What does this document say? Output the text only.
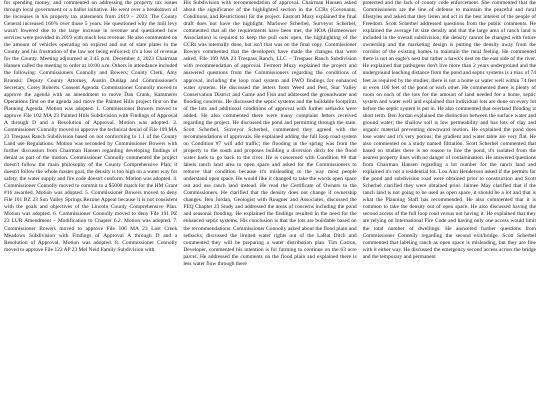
for spending money, and commented on addressing the property tax issues through local government or a ballot initiative. He went over a breakdown of the increases in his property tax statements from 2019 – 2023. The County General increased 166% over those 5 years. He questioned why the mill levy wasn't lowered due to the large increase in revenue and questioned how services were provided in 2019 with much less revenue. He also commented on the amount of vehicles operating on expired and out of state plates in the County and his frustration of the law not being enforced; it's a loss of revenue for the County. Meeting adjourned at 3:45 p.m. December 4, 2023 Chairman Hansen called the meeting to order at 10:00 a.m. Others in attendance included the following: Commissioners Connolly and Bowers; County Clerk, Amy Brunski; Deputy County Attorney, Austin Dunlap and Commissioner's Secretary, Corey Roberts. Consent Agenda: Commissioner Connolly moved to approve the agenda with an amendment to move Dan Crank, Kammerer Operations first on the agenda and move the Painted Hills project first on the Planning Agenda. Motion was adopted. 1. Commissioner Bowers moved to approve File 102 MA 23 Painted Hills Subdivision with Findings of Approval A through D and a Resolution of Approval. Motion was adopted. 2. Commissioner Connolly moved to approve the technical denial of File 109 MA 23 Trespass Ranch Subdivision based on not conforming to 1.1 of the County Land use Regulations. Motion was seconded by Commissioner Bowers with further discussion from Chairman Hansen regarding developing findings of denial as part of the motion. Commissioner Connolly commented the project doesn't follow the main philosophy of the County Comprehensive Plan; it doesn't follow the whole master goal, the density is too high on a water way for safety, the water supply and fire code doesn't conform. Motion was adopted. 4. Commissioner Connolly moved to commit to a $5000 match for the HM Grant #16 awarded. Motion was adopted. 5. Commissioner Bowers moved to deny File 101 BZ 23 Sun Valley Springs Rezone Appeal because it is not consistent with the goals and objectives of the Lincoln County Comprehensive Plan. Motion was adopted. 6. Commissioner Connolly moved to deny File 191 PZ 23 LUR Amendment – Modification to Chapter 6.2. Motion was adopted. 7. Commissioner Bowers moved to approve File 106 MA 23 Lost Creek Meadows Subdivision with Findings of Approval A through D and a Resolution of Approval. Motion was adopted. 8. Commissioner Connolly moved to approve File 122 AP 23 Mel Neid Family Subdivision with

His Subdivision with recommendation of approval. Chairman Hansen asked about the significance of the highlighted section in the CCRs (Covenants, Conditions, and Restrictions) for the project. Eastcott Muzy explained the final draft does not have the highlight. Marlowe Scherbel, Surveyor Scherbel, commented that all the requirements have been met, the HOA (Homeowner Association) is required to keep the pull outs open, the highlighting of the CCRs was internally done, but isn't that was on the final copy. Commissioner Bowers commented that the developers have made the changes that were asked. File 109 MA 23 Trespass Ranch, LLC – Trespass Ranch Subdivision with recommendation of approval. Fermort Muzy explained the project and answered questions from the Commissioners regarding the conditions of approval, including the loop road system and FWO findings for enhanced water systems. He discussed the letters from Weed and Pest, Star Valley Conservation District and Game and Fish and addressed the groundwater and flooding concerns. He discussed the septic systems and the buildable footprints of the lots and additional conditions of approval with further setbacks were added. He also commented there were many complaint letters received regarding the project. He discussed the pond and permitting through the state. Scott Scherbel, Surveyor Scherbel, commented they agreed with the recommendations of approvals. He explained adding the full loop road system on Condition #7 will add traffic; the flooding in the spring was from the property to the south and proposes building a diversion ditch for the flood water back to go back to the river. He is concerned with Condition #8 that labels ranch land area to open space and asked for the Commissioners to remove that condition because it's misleading to the way most people understand open space. He would like it changed to take the words open space out and use ranch land instead. He read the Certificate of Owners to the Commissioners. He clarified that the density does not change if ownership changes. Ben Jordan, Geologist with Rougner and Associates, discussed the FEQ Chapter 23 Study and addressed the areas of concerns including the pond and seasonal flooding. He explained the findings resulted in the need for the enhanced septic systems. His conclusion is that the lots are buildable based on the recommendations. Commissioner Connolly asked about the flood plain and setbacks, discussed the limited water rights out of the LaBat Ditch and commented they will be preparing a water distribution plan. Tim Coston, Developer, commented his intention is for farming to continue on the 63 acre parcel. He addressed the comments on the flood plain and explained there is less water flow through there

protected and the lack of county code enforcement. She commented that the Commissioners are the line of defense to maintain the peaceful and rural lifestyles and asked that they listen and act in the best interest of the people of Freedom. Scott Scherbel addressed questions from the public comments. He explained the average lot size density and that the large area of ranch land is included in the overall subdivision; the density cannot be changed with future ownership and the marketing design is putting the density away from the corridor of the existing homes to maintain the rural feeling. He commented there is not an eagle's nest but rather a hawk's nest on the east side of the river. He explained that pathogens don't live more than 2 years underground and the underground leaching distance from the pond and septic systems is a max of 74 feet as required by the studies; there is not a home or water well within 74 feet or even 100 feet of the pond or each other. He commented there is plenty of room on each of the lots for the amount of land needed for a home, septic system and water well and explained that individual lots are done on every lot before the septic system is put in. He also commented that overland flooding is short term. Ben Jordan explained the distinction between the surface water and ground water; the shallow soil is low permeability and has lots of clay and organic material preventing downward motion. He explained the pond does lose water and it's very porous; the gradient and water table are very flat. He also commented on a study named filtration. Scott Scherbel commented that based on studies there is no reason to line the pond, it's isolated from the nearest property lines with no danger of contamination. He answered questions from Chairman Hansen regarding a lot number for the ranch land and explained it's not a residential lot. Lou Ann Henderson asked if the permits for the pond and subdivision road were obtained prior to construction and Scott Scherbel clarified they were obtained prior. Jaimee May clarified that if the ranch land is not going to be used as open space, it should be a lot and that is what the Planning Staff has recommended. He also commented that it is common to take the density out of open space. He also discussed having the second access of the full loop road versus not having it. He explained that they are relying on International Fire Code and having only one access would limit the total number of dwellings. He answered further questions from Commissioner Connolly regarding the second exit/bridge. Scott Scherbel commented that labeling ranch as open space is misleading, but they are fine with it either way. He discussed the emergency second access across the bridge and the temporary and permanent
